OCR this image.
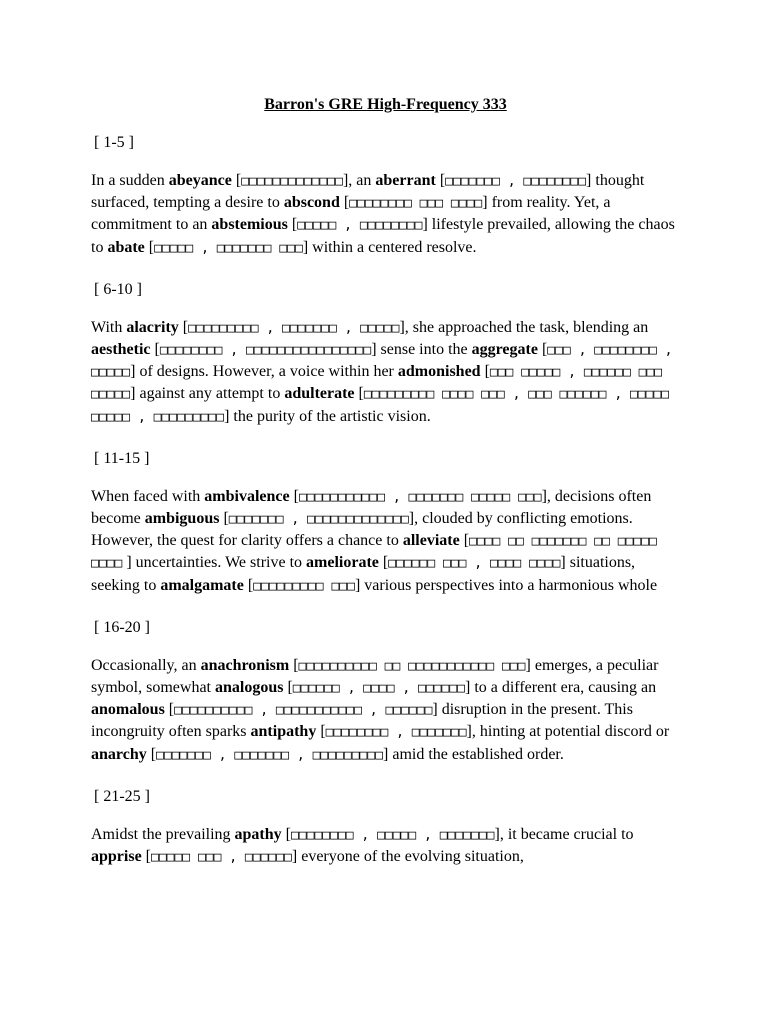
Barron's GRE High-Frequency 333

[ 1-5 ]

In a sudden abeyance [□□□□□□□□□□□□□], an aberrant [□□□□□□□ , □□□□□□□□] thought surfaced, tempting a desire to abscond [□□□□□□□□ □□□ □□□□] from reality. Yet, a commitment to an abstemious [□□□□□ , □□□□□□□□] lifestyle prevailed, allowing the chaos to abate [□□□□□ , □□□□□□□ □□□] within a centered resolve.

[ 6-10 ]

With alacrity [□□□□□□□□□ , □□□□□□□ , □□□□□], she approached the task, blending an aesthetic [□□□□□□□□ , □□□□□□□□□□□□□□□□] sense into the aggregate [□□□ , □□□□□□□□ , □□□□□] of designs. However, a voice within her admonished [□□□ □□□□□ , □□□□□□ □□□ □□□□□] against any attempt to adulterate [□□□□□□□□□ □□□□ □□□ , □□□ □□□□□□ , □□□□□ □□□□□ , □□□□□□□□□] the purity of the artistic vision.

[ 11-15 ]

When faced with ambivalence [□□□□□□□□□□□ , □□□□□□□ □□□□□ □□□], decisions often become ambiguous [□□□□□□□ , □□□□□□□□□□□□□], clouded by conflicting emotions. However, the quest for clarity offers a chance to alleviate [□□□□ □□ □□□□□□□ □□ □□□□□ □□□□ ] uncertainties. We strive to ameliorate [□□□□□□ □□□ , □□□□ □□□□] situations, seeking to amalgamate [□□□□□□□□□ □□□] various perspectives into a harmonious whole

[ 16-20 ]

Occasionally, an anachronism [□□□□□□□□□□ □□ □□□□□□□□□□□ □□□] emerges, a peculiar symbol, somewhat analogous [□□□□□□ , □□□□ , □□□□□□] to a different era, causing an anomalous [□□□□□□□□□□ , □□□□□□□□□□□ , □□□□□□] disruption in the present. This incongruity often sparks antipathy [□□□□□□□□ , □□□□□□□], hinting at potential discord or anarchy [□□□□□□□ , □□□□□□□ , □□□□□□□□□] amid the established order.

[ 21-25 ]

Amidst the prevailing apathy [□□□□□□□□ , □□□□□ , □□□□□□□], it became crucial to apprise [□□□□□ □□□ , □□□□□□] everyone of the evolving situation,
